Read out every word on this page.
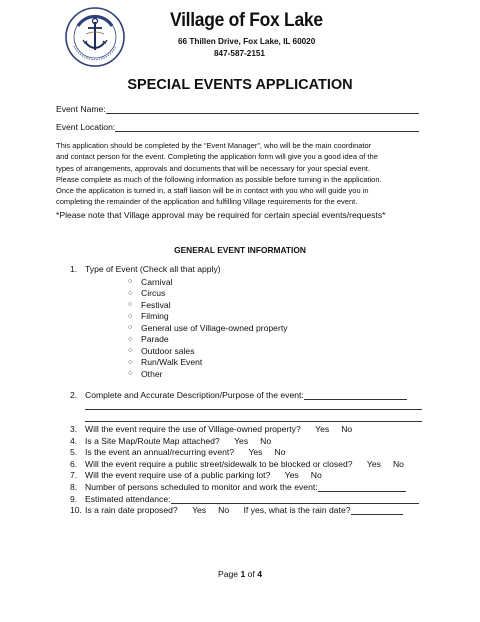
Village of Fox Lake
66 Thillen Drive, Fox Lake, IL 60020
847-587-2151
SPECIAL EVENTS APPLICATION
Event Name:
Event Location:
This application should be completed by the “Event Manager”, who will be the main coordinator
and contact person for the event. Completing the application form will give you a good idea of the
types of arrangements, approvals and documents that will be necessary for your special event.
Please complete as much of the following information as possible before turning in the application.
Once the application is turned in, a staff liaison will be in contact with you who will guide you in
completing the remainder of the application and fulfilling Village requirements for the event.
*Please note that Village approval may be required for certain special events/requests*
GENERAL EVENT INFORMATION
1. Type of Event (Check all that apply)
○	Carnival
○	Circus
○	Festival
○	Filming
○	General use of Village-owned property
○	Parade
○	Outdoor sales
○	Run/Walk Event
○	Other
2. Complete and Accurate Description/Purpose of the event:
3. Will the event require the use of Village-owned property? Yes No
4. Is a Site Map/Route Map attached? Yes No
5. Is the event an annual/recurring event? Yes No
6. Will the event require a public street/sidewalk to be blocked or closed? Yes No
7. Will the event require use of a public parking lot? Yes No
8. Number of persons scheduled to monitor and work the event:
9. Estimated attendance:
10. Is a rain date proposed? Yes No If yes, what is the rain date?
Page 1 of 4
